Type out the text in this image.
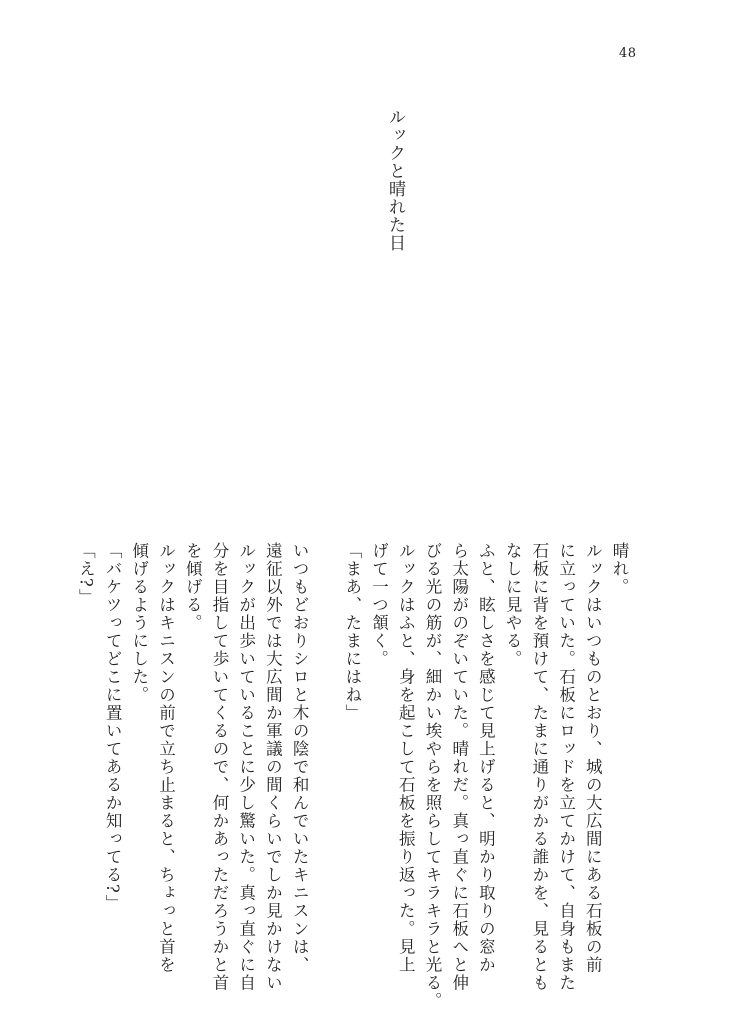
48
ルックと晴れた日
晴れ。
ルックはいつものとおり、城の大広間にある石板の前
に立っていた。石板にロッドを立てかけて、自身もまた
石板に背を預けて、たまに通りがかる誰かを、見るとも
なしに見やる。
ふと、眩しさを感じて見上げると、明かり取りの窓か
ら太陽がのぞいていた。晴れだ。真っ直ぐに石板へと伸
びる光の筋が、細かい埃やらを照らしてキラキラと光る。
ルックはふと、身を起こして石板を振り返った。見上
げて一つ頷く。
「まあ、たまにはね」
いつもどおりシロと木の陰で和んでいたキニスンは、
遠征以外では大広間か軍議の間くらいでしか見かけない
ルックが出歩いていることに少し驚いた。真っ直ぐに自
分を目指して歩いてくるので、何かあっただろうかと首
を傾げる。
ルックはキニスンの前で立ち止まると、ちょっと首を
傾げるようにした。
「バケツってどこに置いてあるか知ってる?」
「え?」
